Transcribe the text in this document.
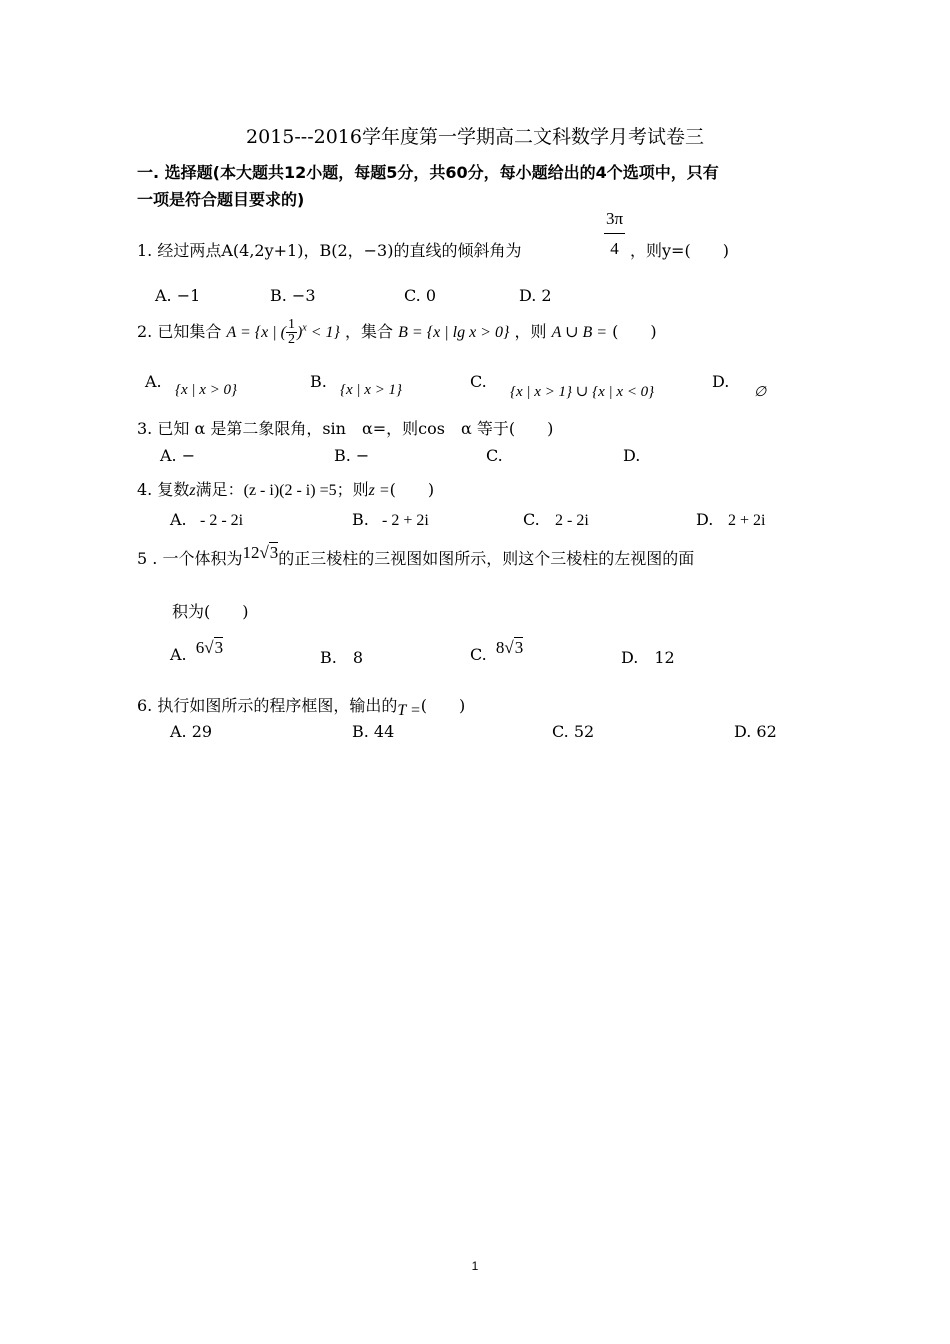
2015---2016学年度第一学期高二文科数学月考试卷三
一. 选择题(本大题共12小题，每题5分，共60分，每小题给出的4个选项中，只有
一项是符合题目要求的)
1. 经过两点A(4,2y+1)，B(2，−3)的直线的倾斜角为	$\frac{3\pi}{4}$ ，则y=(　　)
A. −1	B. −3	C. 0	D. 2
2. 已知集合 A = {x | ( $\frac{1}{2} )^x < 1$} ，集合 B = {x | lg x > 0} ，则 A ∪ B = (　　)
A. {x | x > 0}	B. {x | x > 1}	C.
{x | x > 1} ∪ {x | x < 0}
D.
∅
3. 已知 α 是第二象限角，sin　α=，则cos　α 等于(　　)
A. −	B. −	C.	D.
4. 复数z满足：(z - i)(2 - i) =5；则z =(　　)
A. - 2 - 2i	B. - 2 + 2i	C. 2 - 2i	D. 2 + 2i
5 . 一个体积为12√3的正三棱柱的三视图如图所示，则这个三棱柱的左视图的面
积为(　　)
A. 6√3
B.　8	C. 8√3
D.　12
6. 执行如图所示的程序框图，输出的T =(　　)
A. 29	B. 44	C. 52	D. 62
1
